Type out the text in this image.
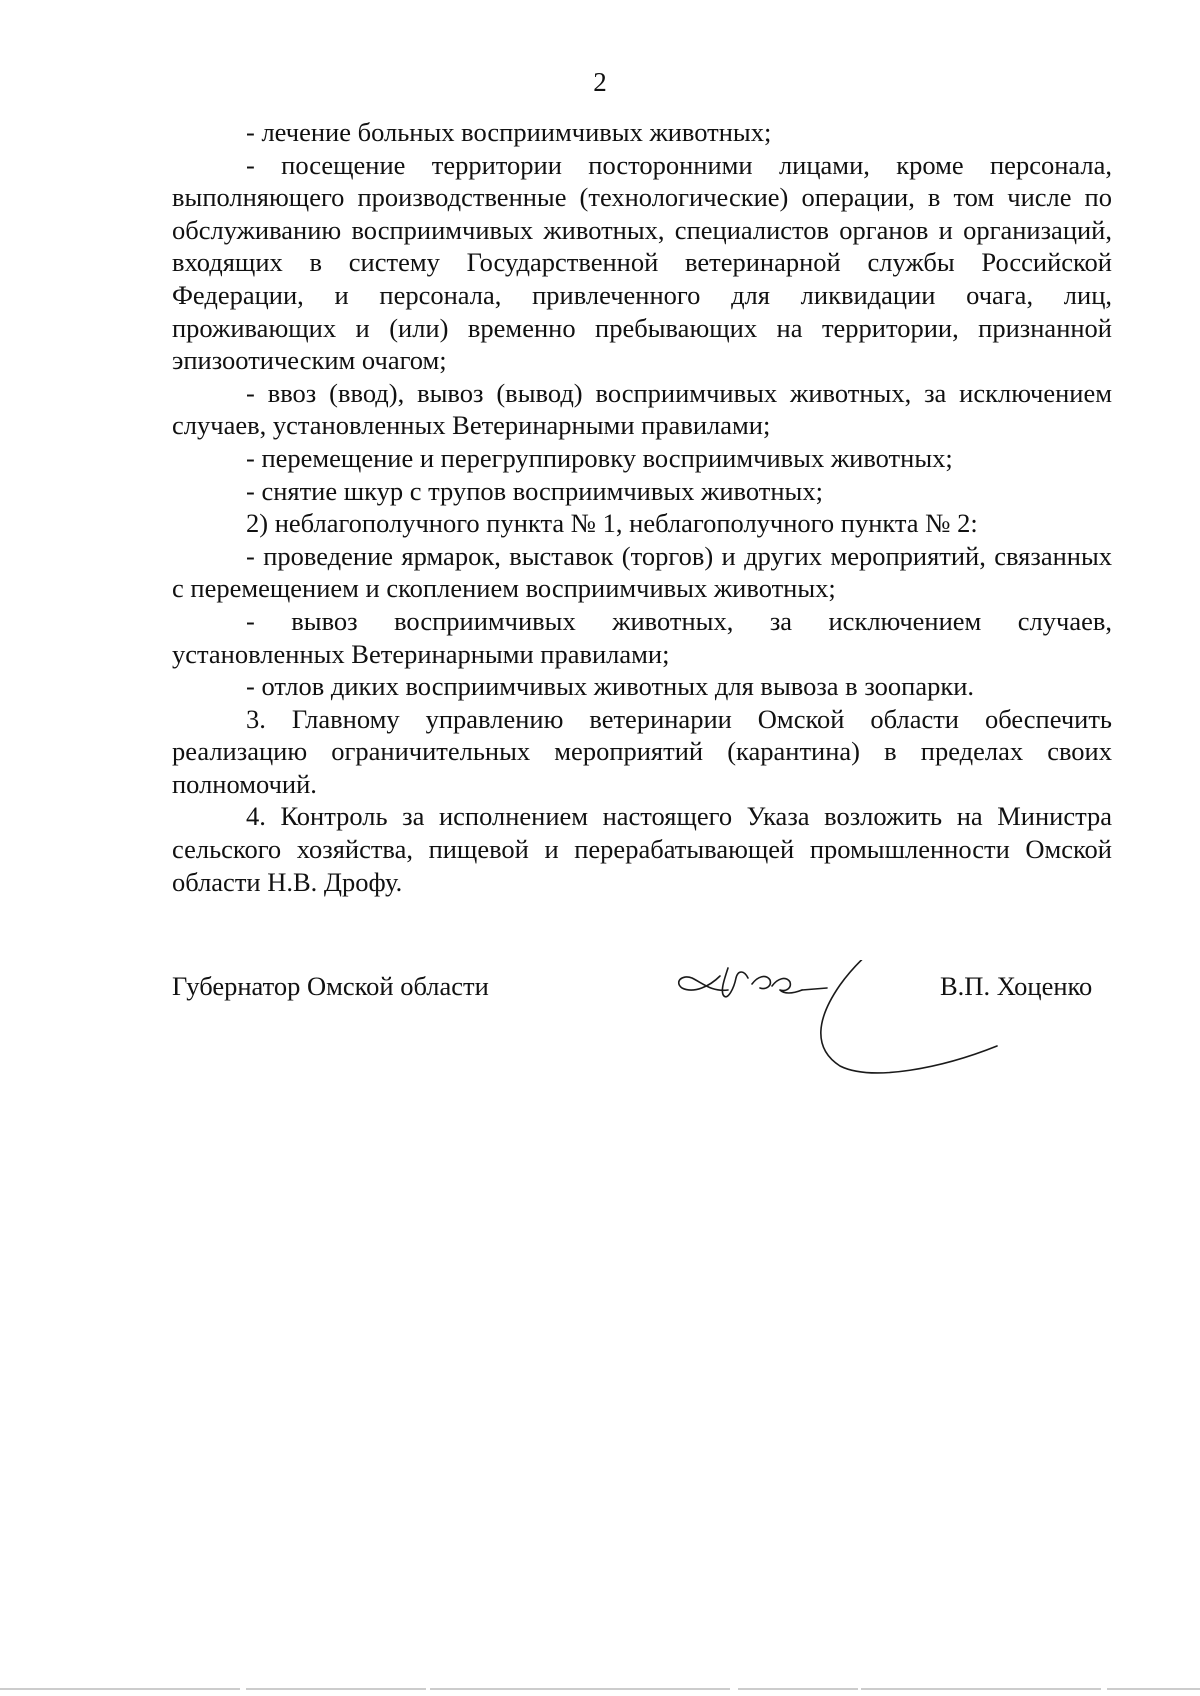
2

- лечение больных восприимчивых животных;

- посещение территории посторонними лицами, кроме персонала, выполняющего производственные (технологические) операции, в том числе по обслуживанию восприимчивых животных, специалистов органов и организаций, входящих в систему Государственной ветеринарной службы Российской Федерации, и персонала, привлеченного для ликвидации очага, лиц, проживающих и (или) временно пребывающих на территории, признанной эпизоотическим очагом;

- ввоз (ввод), вывоз (вывод) восприимчивых животных, за исключением случаев, установленных Ветеринарными правилами;

- перемещение и перегруппировку восприимчивых животных;

- снятие шкур с трупов восприимчивых животных;

2) неблагополучного пункта № 1, неблагополучного пункта № 2:

- проведение ярмарок, выставок (торгов) и других мероприятий, связанных с перемещением и скоплением восприимчивых животных;

- вывоз восприимчивых животных, за исключением случаев, установленных Ветеринарными правилами;

- отлов диких восприимчивых животных для вывоза в зоопарки.

3. Главному управлению ветеринарии Омской области обеспечить реализацию ограничительных мероприятий (карантина) в пределах своих полномочий.

4. Контроль за исполнением настоящего Указа возложить на Министра сельского хозяйства, пищевой и перерабатывающей промышленности Омской области Н.В. Дрофу.

Губернатор Омской области	В.П. Хоценко
